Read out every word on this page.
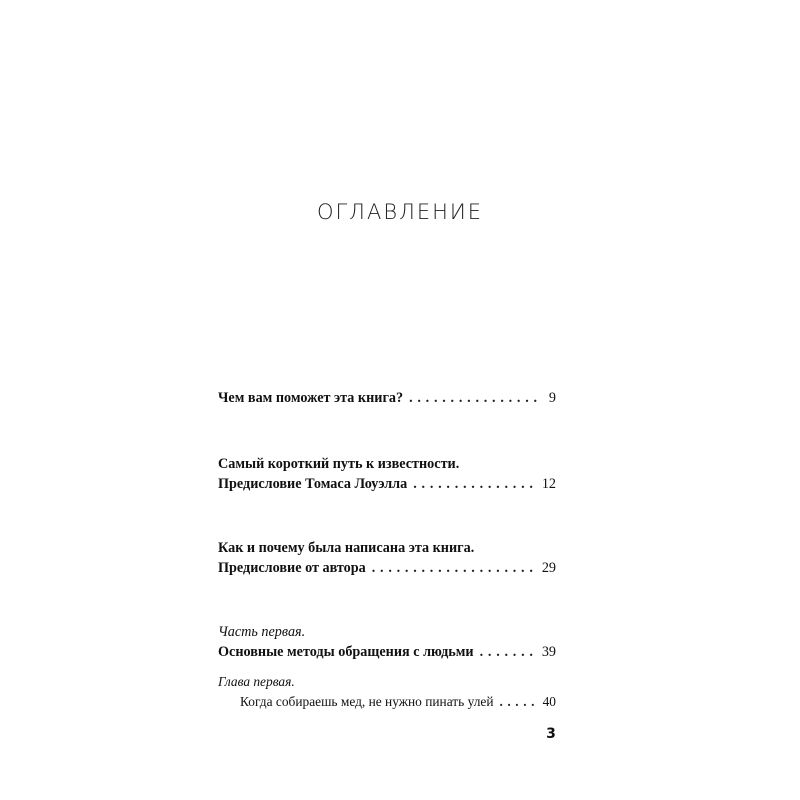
ОГЛАВЛЕНИЕ
Чем вам поможет эта книга? . . .	9
Самый короткий путь к известности.
Предисловие Томаса Лоуэлла . . .	12
Как и почему была написана эта книга.
Предисловие от автора . . .	29
Часть первая.
Основные методы обращения с людьми . . .	39
Глава первая.
Когда собираешь мед, не нужно пинать улей . . .	40
3
